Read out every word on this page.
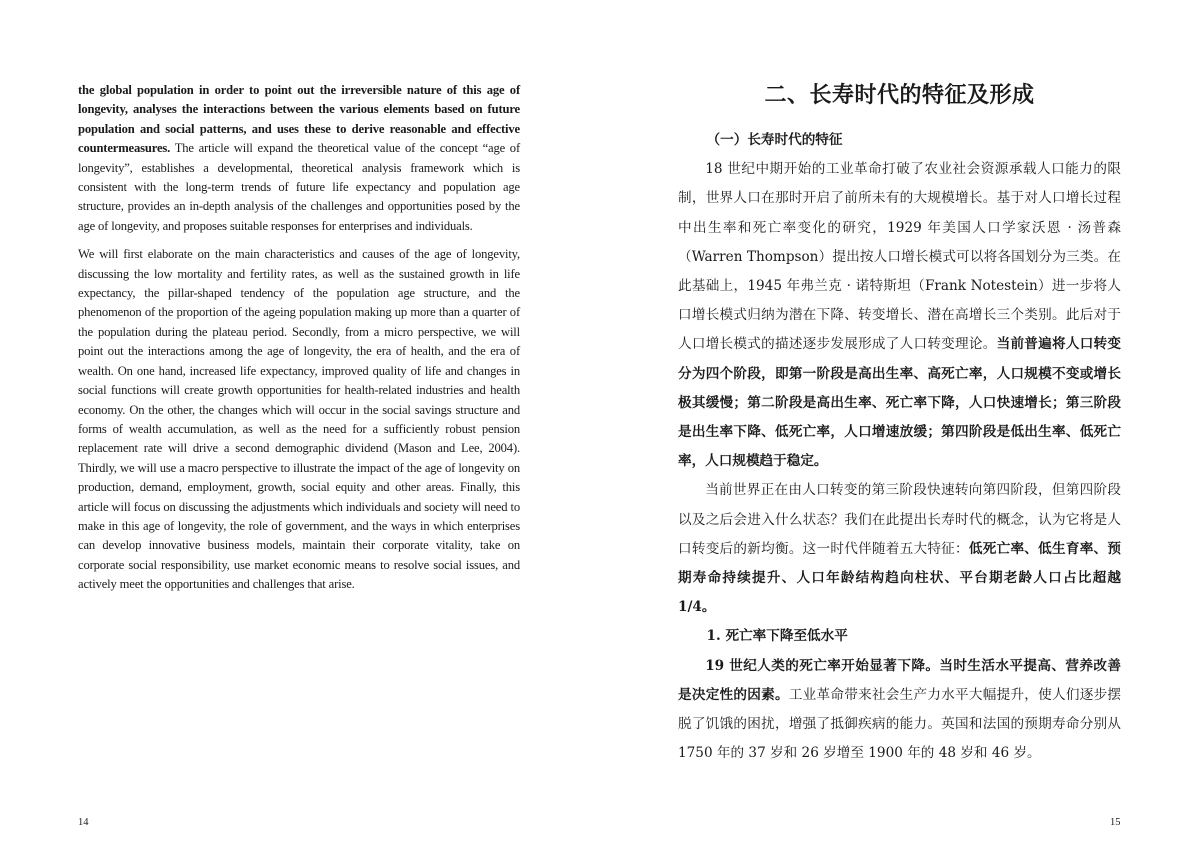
the global population in order to point out the irreversible nature of this age of longevity, analyses the interactions between the various elements based on future population and social patterns, and uses these to derive reasonable and effective countermeasures. The article will expand the theoretical value of the concept “age of longevity”, establishes a developmental, theoretical analysis framework which is consistent with the long-term trends of future life expectancy and population age structure, provides an in-depth analysis of the challenges and opportunities posed by the age of longevity, and proposes suitable responses for enterprises and individuals.

We will first elaborate on the main characteristics and causes of the age of longevity, discussing the low mortality and fertility rates, as well as the sustained growth in life expectancy, the pillar-shaped tendency of the population age structure, and the phenomenon of the proportion of the ageing population making up more than a quarter of the population during the plateau period. Secondly, from a micro perspective, we will point out the interactions among the age of longevity, the era of health, and the era of wealth. On one hand, increased life expectancy, improved quality of life and changes in social functions will create growth opportunities for health-related industries and health economy. On the other, the changes which will occur in the social savings structure and forms of wealth accumulation, as well as the need for a sufficiently robust pension replacement rate will drive a second demographic dividend (Mason and Lee, 2004). Thirdly, we will use a macro perspective to illustrate the impact of the age of longevity on production, demand, employment, growth, social equity and other areas. Finally, this article will focus on discussing the adjustments which individuals and society will need to make in this age of longevity, the role of government, and the ways in which enterprises can develop innovative business models, maintain their corporate vitality, take on corporate social responsibility, use market economic means to resolve social issues, and actively meet the opportunities and challenges that arise.

14
二、长寿时代的特征及形成
（一）长寿时代的特征

18 世纪中期开始的工业革命打破了农业社会资源承载人口能力的限制，世界人口在那时开启了前所未有的大规模增长。基于对人口增长过程中出生率和死亡率变化的研究，1929 年美国人口学家沃恩 · 汤普森（Warren Thompson）提出按人口增长模式可以将各国划分为三类。在此基础上，1945 年弗兰克 · 诺特斯坦（Frank Notestein）进一步将人口增长模式归纳为潜在下降、转变增长、潜在高增长三个类别。此后对于人口增长模式的描述逐步发展形成了人口转变理论。当前普遍将人口转变分为四个阶段，即第一阶段是高出生率、高死亡率，人口规模不变或增长极其缓慢；第二阶段是高出生率、死亡率下降，人口快速增长；第三阶段是出生率下降、低死亡率，人口增速放缓；第四阶段是低出生率、低死亡率，人口规模趋于稳定。

当前世界正在由人口转变的第三阶段快速转向第四阶段，但第四阶段以及之后会进入什么状态？我们在此提出长寿时代的概念，认为它将是人口转变后的新均衡。这一时代伴随着五大特征：低死亡率、低生育率、预期寿命持续提升、人口年龄结构趋向柱状、平台期老龄人口占比超越 1/4。

1. 死亡率下降至低水平

19 世纪人类的死亡率开始显著下降。当时生活水平提高、营养改善是决定性的因素。工业革命带来社会生产力水平大幅提升，使人们逐步摆脱了饥饿的困扰，增强了抵御疾病的能力。英国和法国的预期寿命分别从 1750 年的 37 岁和 26 岁增至 1900 年的 48 岁和 46 岁。

15
